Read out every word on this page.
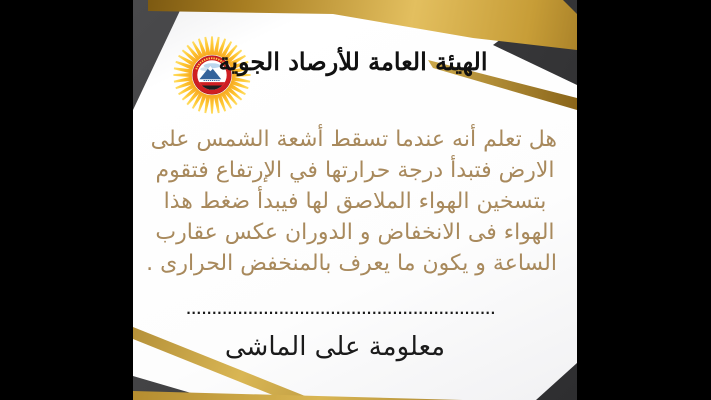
الهيئة العامة للأرصاد الجوية
هل تعلم أنه عندما تسقط أشعة الشمس على
الارض فتبدأ درجة حرارتها في الإرتفاع فتقوم
بتسخين الهواء الملاصق لها فيبدأ ضغط هذا
الهواء فى الانخفاض و الدوران عكس عقارب
الساعة و يكون ما يعرف بالمنخفض الحرارى .
............................................................
معلومة على الماشى
